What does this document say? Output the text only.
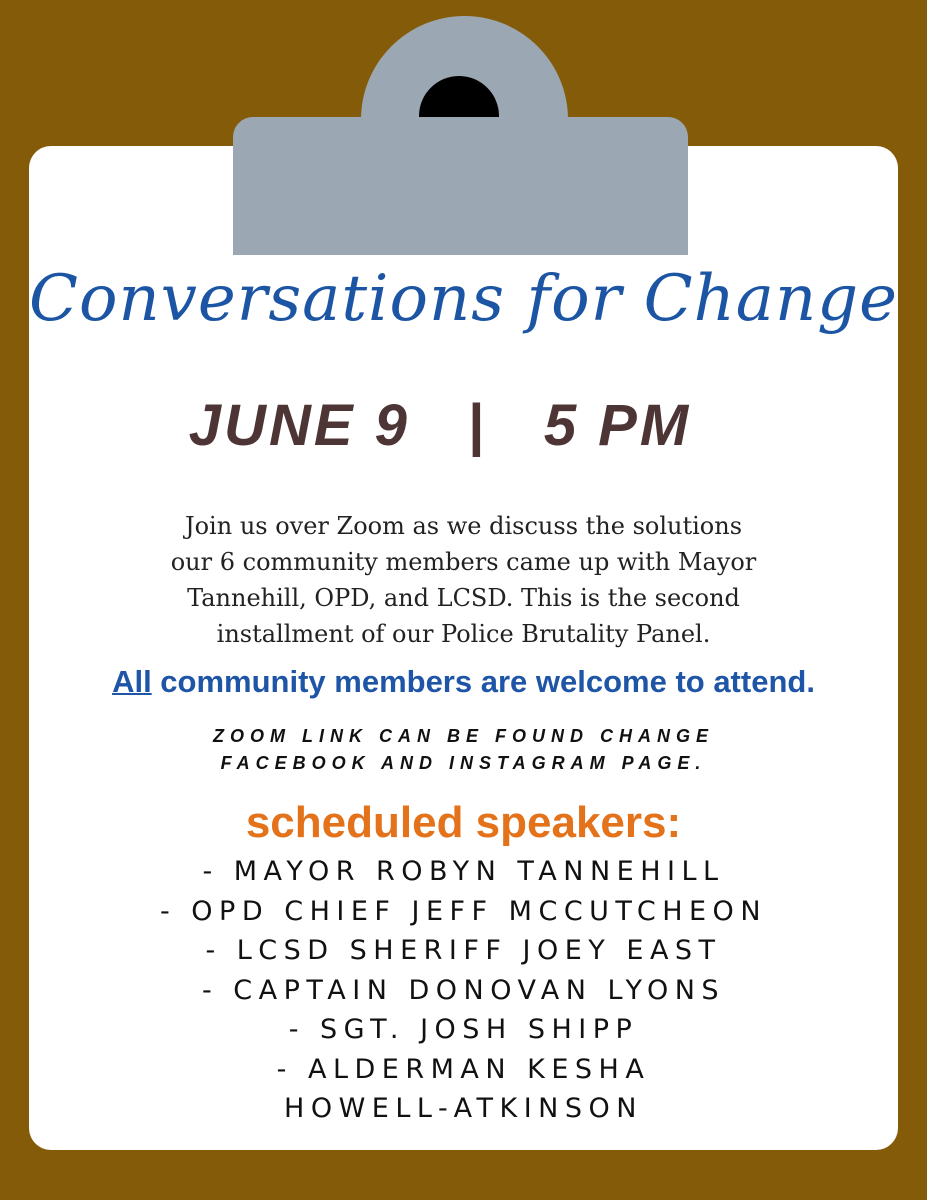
Conversations for Change
JUNE 9 | 5 PM
Join us over Zoom as we discuss the solutions
our 6 community members came up with Mayor
Tannehill, OPD, and LCSD. This is the second
installment of our Police Brutality Panel.
All community members are welcome to attend.
ZOOM LINK CAN BE FOUND CHANGE
FACEBOOK AND INSTAGRAM PAGE.
scheduled speakers:
- MAYOR ROBYN TANNEHILL
- OPD CHIEF JEFF MCCUTCHEON
- LCSD SHERIFF JOEY EAST
- CAPTAIN DONOVAN LYONS
- SGT. JOSH SHIPP
- ALDERMAN KESHA
HOWELL-ATKINSON
